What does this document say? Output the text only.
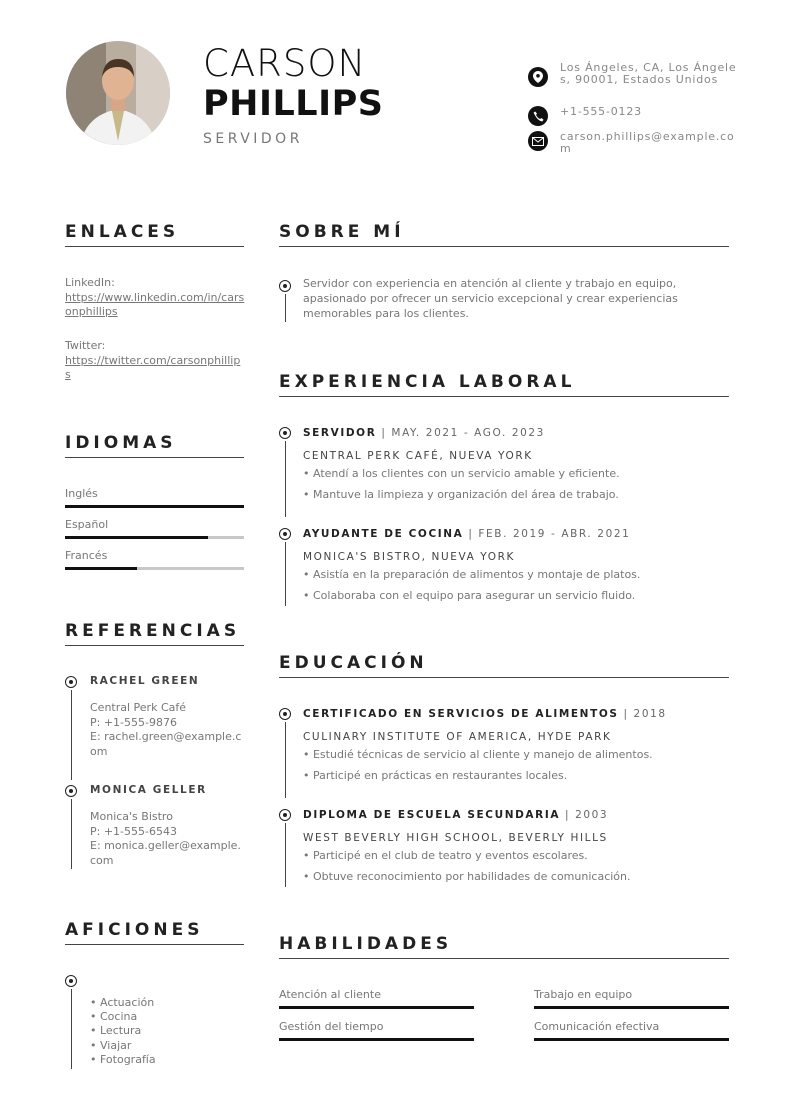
CARSON
PHILLIPS
SERVIDOR
Los Ángeles, CA, Los Ángeles, 90001, Estados Unidos
+1-555-0123
carson.phillips@example.com
ENLACES
LinkedIn:
https://www.linkedin.com/in/carsonphillips
Twitter:
https://twitter.com/carsonphillips
IDIOMAS
Inglés
Español
Francés
REFERENCIAS
RACHEL GREEN
Central Perk Café
P: +1-555-9876
E: rachel.green@example.com
MONICA GELLER
Monica's Bistro
P: +1-555-6543
E: monica.geller@example.com
AFICIONES
• Actuación
• Cocina
• Lectura
• Viajar
• Fotografía
SOBRE MÍ
Servidor con experiencia en atención al cliente y trabajo en equipo, apasionado por ofrecer un servicio excepcional y crear experiencias memorables para los clientes.
EXPERIENCIA LABORAL
SERVIDOR | MAY. 2021 - AGO. 2023
CENTRAL PERK CAFÉ, NUEVA YORK
• Atendí a los clientes con un servicio amable y eficiente.
• Mantuve la limpieza y organización del área de trabajo.
AYUDANTE DE COCINA | FEB. 2019 - ABR. 2021
MONICA'S BISTRO, NUEVA YORK
• Asistía en la preparación de alimentos y montaje de platos.
• Colaboraba con el equipo para asegurar un servicio fluido.
EDUCACIÓN
CERTIFICADO EN SERVICIOS DE ALIMENTOS | 2018
CULINARY INSTITUTE OF AMERICA, HYDE PARK
• Estudié técnicas de servicio al cliente y manejo de alimentos.
• Participé en prácticas en restaurantes locales.
DIPLOMA DE ESCUELA SECUNDARIA | 2003
WEST BEVERLY HIGH SCHOOL, BEVERLY HILLS
• Participé en el club de teatro y eventos escolares.
• Obtuve reconocimiento por habilidades de comunicación.
HABILIDADES
Atención al cliente	Trabajo en equipo
Gestión del tiempo	Comunicación efectiva
